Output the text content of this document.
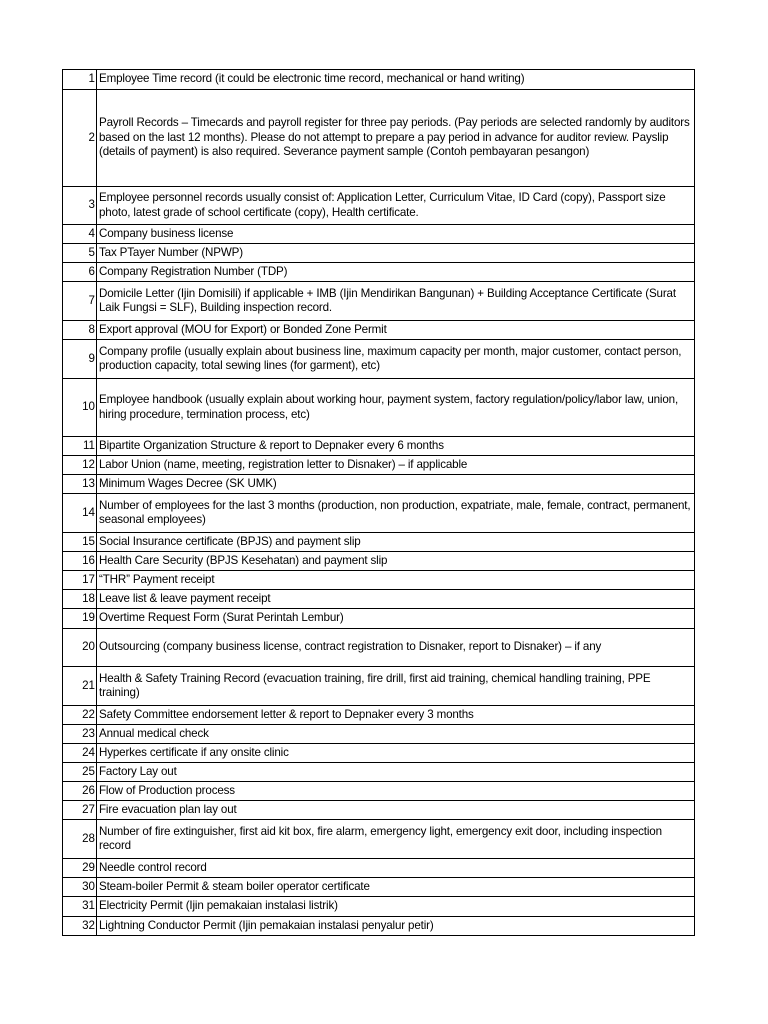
1	Employee Time record (it could be electronic time record, mechanical or hand writing)
2	Payroll Records – Timecards and payroll register for three pay periods. (Pay periods are selected randomly by auditors based on the last 12 months). Please do not attempt to prepare a pay period in advance for auditor review. Payslip (details of payment) is also required. Severance payment sample (Contoh pembayaran pesangon)
3	Employee personnel records usually consist of: Application Letter, Curriculum Vitae, ID Card (copy), Passport size photo, latest grade of school certificate (copy), Health certificate.
4	Company business license
5	Tax PTayer Number (NPWP)
6	Company Registration Number (TDP)
7	Domicile Letter (Ijin Domisili) if applicable + IMB (Ijin Mendirikan Bangunan) + Building Acceptance Certificate (Surat Laik Fungsi = SLF), Building inspection record.
8	Export approval (MOU for Export) or Bonded Zone Permit
9	Company profile (usually explain about business line, maximum capacity per month, major customer, contact person, production capacity, total sewing lines (for garment), etc)
10	Employee handbook (usually explain about working hour, payment system, factory regulation/policy/labor law, union, hiring procedure, termination process, etc)
11	Bipartite Organization Structure & report to Depnaker every 6 months
12	Labor Union (name, meeting, registration letter to Disnaker) – if applicable
13	Minimum Wages Decree (SK UMK)
14	Number of employees for the last 3 months (production, non production, expatriate, male, female, contract, permanent, seasonal employees)
15	Social Insurance certificate (BPJS) and payment slip
16	Health Care Security (BPJS Kesehatan) and payment slip
17	“THR” Payment receipt
18	Leave list & leave payment receipt
19	Overtime Request Form (Surat Perintah Lembur)
20	Outsourcing (company business license, contract registration to Disnaker, report to Disnaker) – if any
21	Health & Safety Training Record (evacuation training, fire drill, first aid training, chemical handling training, PPE training)
22	Safety Committee endorsement letter & report to Depnaker every 3 months
23	Annual medical check
24	Hyperkes certificate if any onsite clinic
25	Factory Lay out
26	Flow of Production process
27	Fire evacuation plan lay out
28	Number of fire extinguisher, first aid kit box, fire alarm, emergency light, emergency exit door, including inspection record
29	Needle control record
30	Steam-boiler Permit & steam boiler operator certificate
31	Electricity Permit (Ijin pemakaian instalasi listrik)
32	Lightning Conductor Permit (Ijin pemakaian instalasi penyalur petir)
